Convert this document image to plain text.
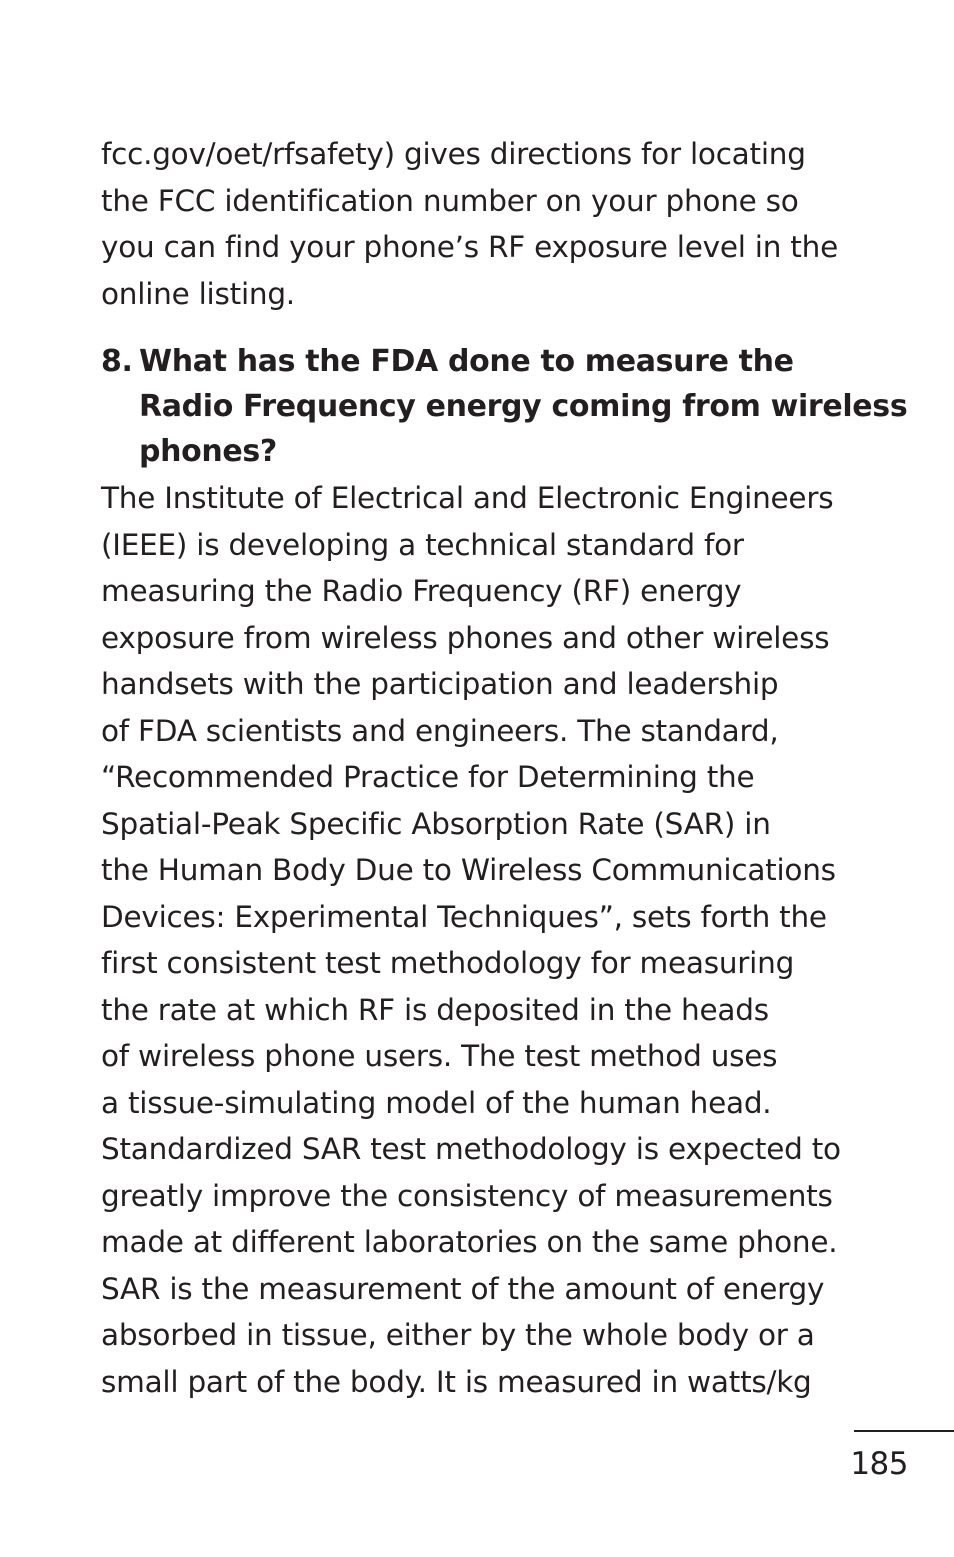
fcc.gov/oet/rfsafety) gives directions for locating
the FCC identification number on your phone so
you can find your phone’s RF exposure level in the
online listing.
8. What has the FDA done to measure the
Radio Frequency energy coming from wireless
phones?
The Institute of Electrical and Electronic Engineers
(IEEE) is developing a technical standard for
measuring the Radio Frequency (RF) energy
exposure from wireless phones and other wireless
handsets with the participation and leadership
of FDA scientists and engineers. The standard,
“Recommended Practice for Determining the
Spatial-Peak Specific Absorption Rate (SAR) in
the Human Body Due to Wireless Communications
Devices: Experimental Techniques”, sets forth the
first consistent test methodology for measuring
the rate at which RF is deposited in the heads
of wireless phone users. The test method uses
a tissue-simulating model of the human head.
Standardized SAR test methodology is expected to
greatly improve the consistency of measurements
made at different laboratories on the same phone.
SAR is the measurement of the amount of energy
absorbed in tissue, either by the whole body or a
small part of the body. It is measured in watts/kg
185
